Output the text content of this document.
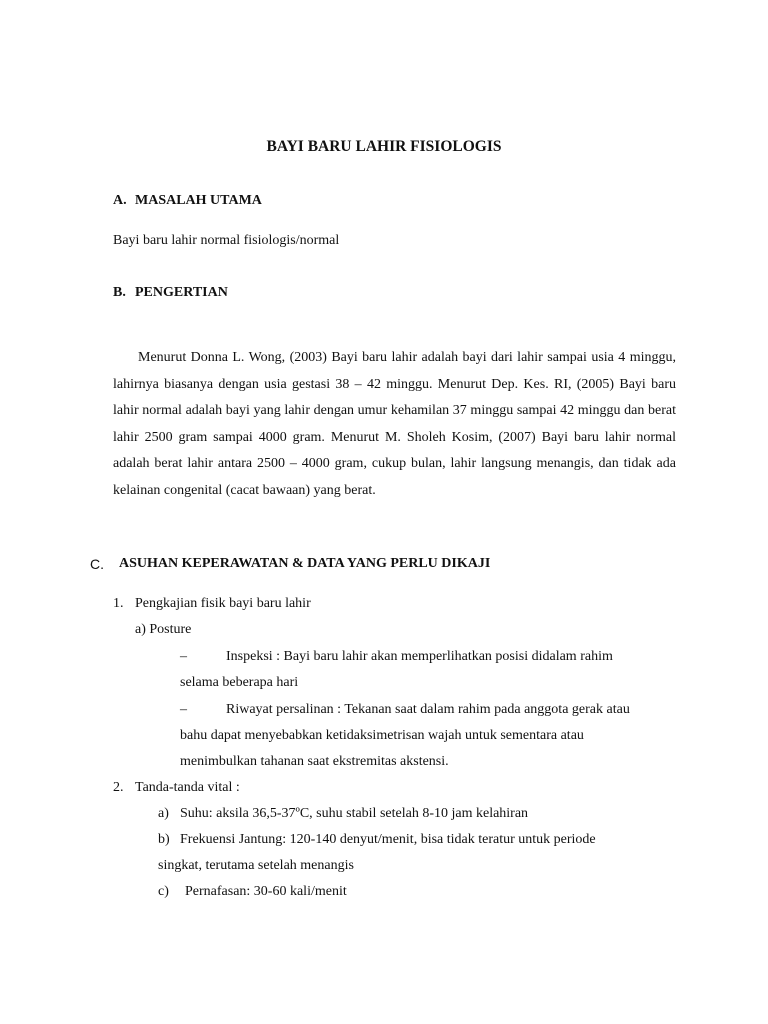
BAYI BARU LAHIR FISIOLOGIS
A. MASALAH UTAMA
Bayi baru lahir normal fisiologis/normal
B. PENGERTIAN

Menurut Donna L. Wong, (2003) Bayi baru lahir adalah bayi dari lahir sampai usia 4 minggu, lahirnya biasanya dengan usia gestasi 38 – 42 minggu. Menurut Dep. Kes. RI, (2005) Bayi baru lahir normal adalah bayi yang lahir dengan umur kehamilan 37 minggu sampai 42 minggu dan berat lahir 2500 gram sampai 4000 gram. Menurut M. Sholeh Kosim, (2007) Bayi baru lahir normal adalah berat lahir antara 2500 – 4000 gram, cukup bulan, lahir langsung menangis, dan tidak ada kelainan congenital (cacat bawaan) yang berat.

C. ASUHAN KEPERAWATAN & DATA YANG PERLU DIKAJI
1. Pengkajian fisik bayi baru lahir
a) Posture
–	Inspeksi : Bayi baru lahir akan memperlihatkan posisi didalam rahim
selama beberapa hari
–	Riwayat persalinan : Tekanan saat dalam rahim pada anggota gerak atau
bahu dapat menyebabkan ketidaksimetrisan wajah untuk sementara atau
menimbulkan tahanan saat ekstremitas akstensi.
2. Tanda-tanda vital :
a) Suhu: aksila 36,5-37ºC, suhu stabil setelah 8-10 jam kelahiran
b) Frekuensi Jantung: 120-140 denyut/menit, bisa tidak teratur untuk periode
singkat, terutama setelah menangis
c) Pernafasan: 30-60 kali/menit
